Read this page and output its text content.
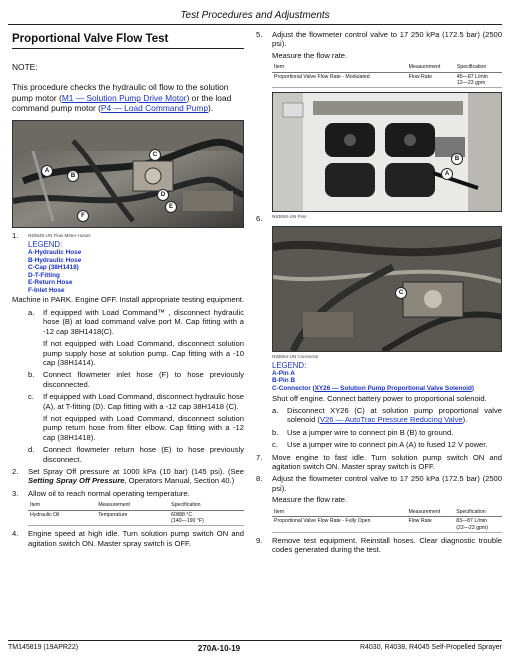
Test Procedures and Adjustments
Proportional Valve Flow Test
NOTE:
This procedure checks the hydraulic oil flow to the solution pump motor (M1 — Solution Pump Drive Motor) or the load command pump motor (P4 — Load Command Pump).
C
A
B
D
E
F
1.	N93649-UN Flow Meter Hoses
LEGEND:
A-Hydraulic Hose
B-Hydraulic Hose
C-Cap (38H1418)
D-T-Fitting
E-Return Hose
F-Inlet Hose
Machine in PARK. Engine OFF. Install appropriate testing equipment.
a.	If equipped with Load Command™ , disconnect hydraulic hose (B) at load command valve port M. Cap fitting with a -12 cap 38H1418(C).
If not equipped with Load Command, disconnect solution pump supply hose at solution pump. Cap fitting with a -10 cap (38H1414).
b.	Connect flowmeter inlet hose (F) to hose previously disconnected.
c.	If equipped with Load Command, disconnect hydraulic hose (A), at T-fitting (D). Cap fitting with a -12 cap 38H1418 (C).
If not equipped with Load Command, disconnect solution pump return hose from filter elbow. Cap fitting with a -12 cap (38H1418).
d.	Connect flowmeter return hose (E) to hose previously disconnect.
2.	Set Spray Off pressure at 1000 kPa (10 bar) (145 psi). (See Setting Spray Off Pressure, Operators Manual, Section 40.)
3.	Allow oil to reach normal operating temperature.
Item	Measurement	Specification
Hydraulic Oil	Temperature	60‖88 °C
(140—190 °F)
4.	Engine speed at high idle. Turn solution pump switch ON and agitation switch ON. Master spray switch is OFF.
5.	Adjust the flowmeter control valve to 17 250 kPa (172.5 bar) (2500 psi).
Measure the flow rate.
Item	Measurement	Specification
Proportional Valve Flow Rate - Modulated	Flow Rate	45—87 L/min
12—23 gpm
B
A
6.	N93650-UN Pins
C
N93654-UN Connector
LEGEND:
A-Pin A
B-Pin B
C-Connector (XY26 — Solution Pump Proportional Valve Solenoid)
Shut off engine. Connect battery power to proportional solenoid.
a.	Disconnect XY26 (C) at solution pump proportional valve solenoid (V26 — AutoTrac Pressure Reducing Valve).
b.	Use a jumper wire to connect pin B (B) to ground.
c.	Use a jumper wire to connect pin A (A) to fused 12 V power.
7.	Move engine to fast idle. Turn solution pump switch ON and agitation switch ON. Master spray switch is OFF.
8.	Adjust the flowmeter control valve to 17 250 kPa (172.5 bar) (2500 psi).
Measure the flow rate.
Item	Measurement	Specification
Proportional Valve Flow Rate - Fully Open	Flow Rate	83—87 L/min
(22—23 gpm)
9.	Remove test equipment. Reinstall hoses. Clear diagnostic trouble codes generated during the test.
TM145819 (19APR22)	270A-10-19	R4030, R4038, R4045 Self-Propelled Sprayer
